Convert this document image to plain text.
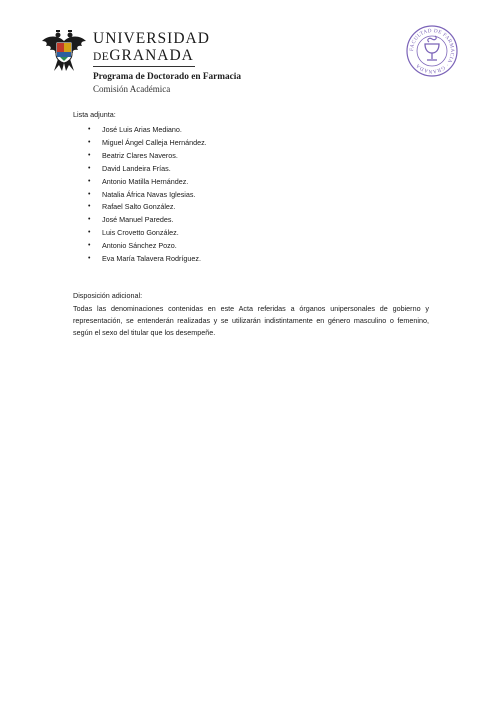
UNIVERSIDAD
DEGRANADA
Programa de Doctorado en Farmacia
Comisión Académica
FACULTAD DE FARMACIA · GRANADA
Lista adjunta:
• José Luis Arias Mediano.
• Miguel Ángel Calleja Hernández.
• Beatriz Clares Naveros.
• David Landeira Frías.
• Antonio Matilla Hernández.
• Natalia África Navas Iglesias.
• Rafael Salto González.
• José Manuel Paredes.
• Luis Crovetto González.
• Antonio Sánchez Pozo.
• Eva María Talavera Rodríguez.
Disposición adicional:

Todas las denominaciones contenidas en este Acta referidas a órganos unipersonales de gobierno y representación, se entenderán realizadas y se utilizarán indistintamente en género masculino o femenino, según el sexo del titular que los desempeñe.
